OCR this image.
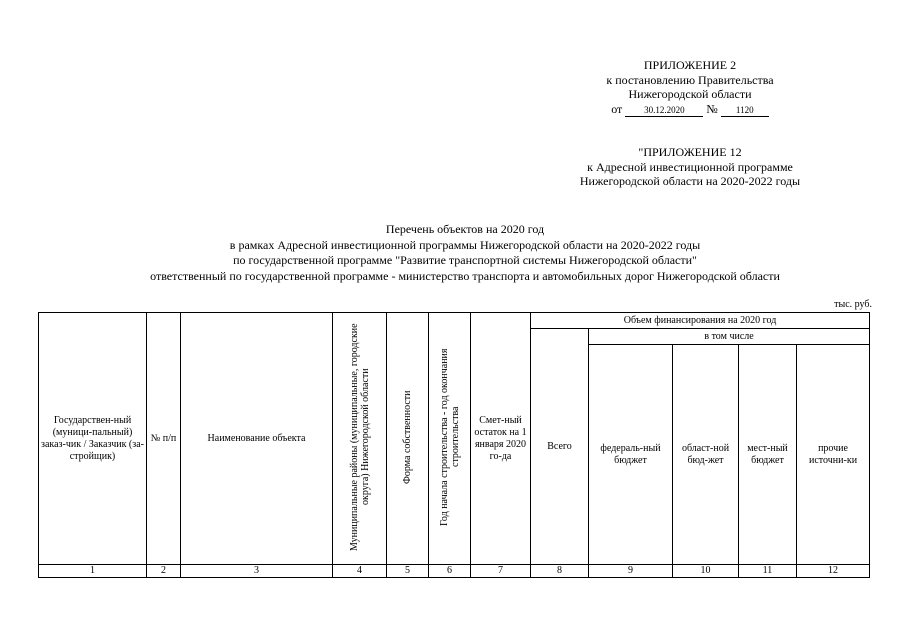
ПРИЛОЖЕНИЕ 2
к постановлению Правительства
Нижегородской области
от 30.12.2020 № 1120
"ПРИЛОЖЕНИЕ 12
к Адресной инвестиционной программе
Нижегородской области на 2020-2022 годы
Перечень объектов на 2020 год
в рамках Адресной инвестиционной программы Нижегородской области на 2020-2022 годы
по государственной программе "Развитие транспортной системы Нижегородской области"
ответственный по государственной программе - министерство транспорта и автомобильных дорог Нижегородской области
тыс. руб.
Государствен-ный (муници-пальный) заказ-чик / Заказчик (за-стройщик)	№ п/п	Наименование объекта	Муниципальные районы (муниципальные, городские округа) Нижегородской области	Форма собственности	Год начала строительства - год окончания строительства	Смет-ный остаток на 1 января 2020 го-да	Объем финансирования на 2020 год				
							Всего	в том числе			
								федераль-ный бюджет	област-ной бюд-жет	мест-ный бюджет	прочие источни-ки
1	2	3	4	5	6	7	8	9	10	11	12
